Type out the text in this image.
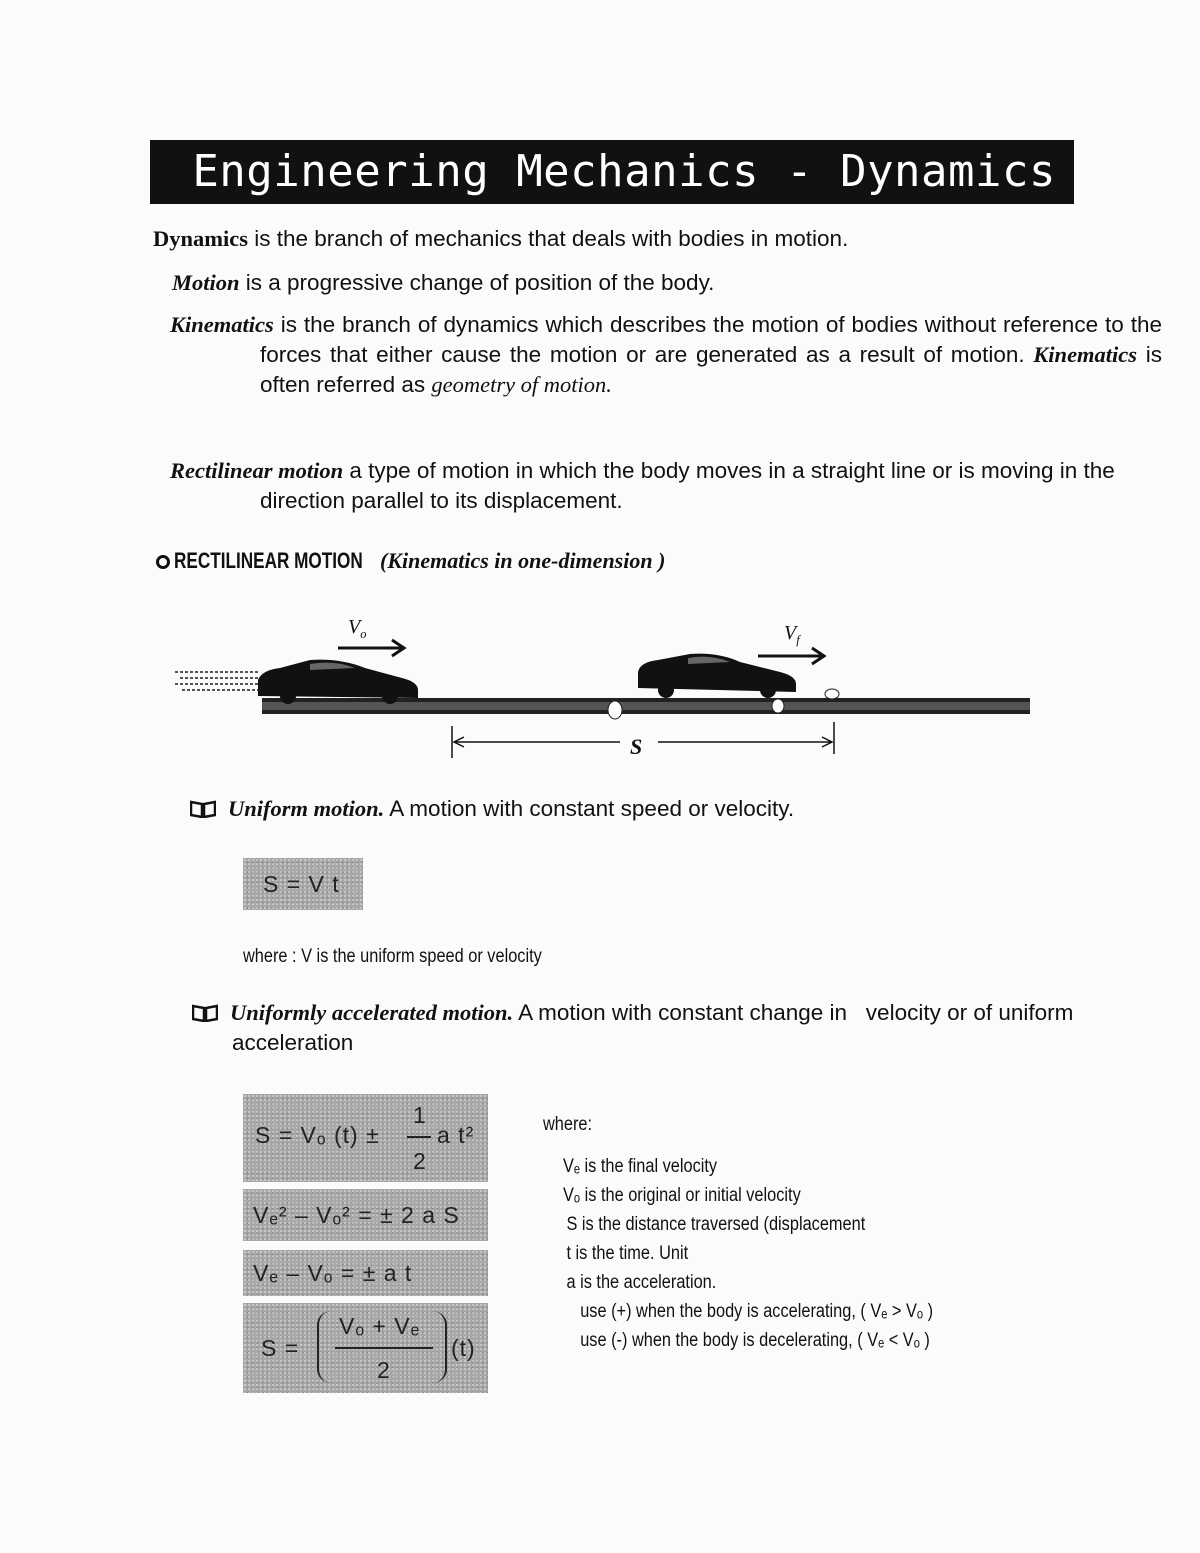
Engineering Mechanics - Dynamics
Dynamics is the branch of mechanics that deals with bodies in motion.
Motion is a progressive change of position of the body.
Kinematics is the branch of dynamics which describes the motion of bodies without reference to the forces that either cause the motion or are generated as a result of motion. Kinematics is often referred as geometry of motion.
Rectilinear motion a type of motion in which the body moves in a straight line or is moving in the direction parallel to its displacement.
RECTILINEAR MOTION (Kinematics in one-dimension )
$V_o$	$V_f$
S
Uniform motion. A motion with constant speed or velocity.
S = V t
where : V is the uniform speed or velocity
Uniformly accelerated motion. A motion with constant change in   velocity or of uniform acceleration
S = Vₒ (t) ±
1
2
a t²
Vₑ² – Vₒ² = ± 2 a S
Vₑ – Vₒ = ± a t
S =
Vₒ + Vₑ
2
(t)
where:
Vₑ is the final velocity
Vₒ is the original or initial velocity
S is the distance traversed (displacement
t is the time. Unit
a is the acceleration.
use (+) when the body is accelerating, ( Vₑ > Vₒ )
use (-) when the body is decelerating, ( Vₑ < Vₒ )
